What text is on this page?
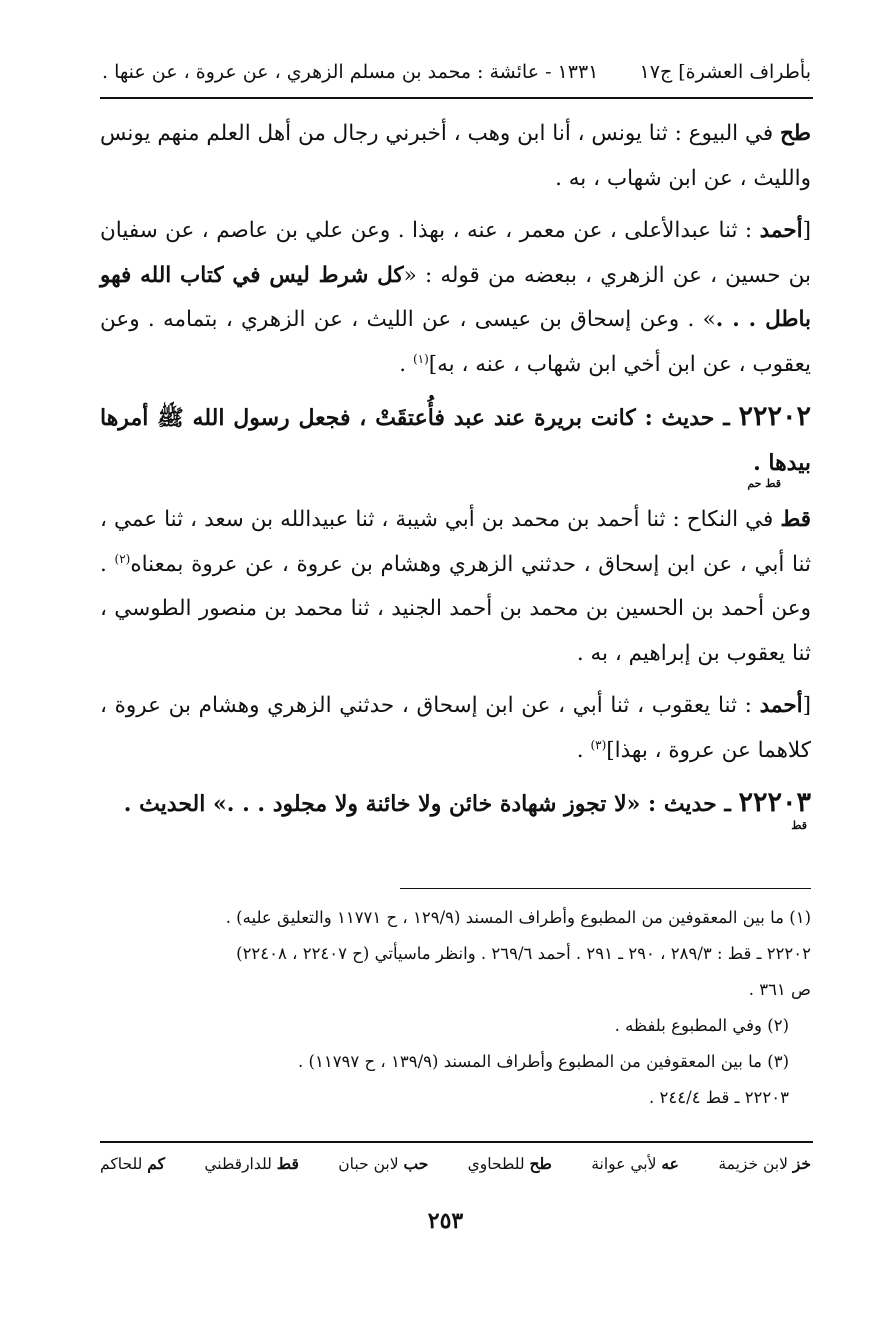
بأطراف العشرة] ج١٧
١٣٣١ - عائشة : محمد بن مسلم الزهري ، عن عروة ، عن عنها .

طح في البيوع : ثنا يونس ، أنا ابن وهب ، أخبرني رجال من أهل العلم منهم يونس والليث ، عن ابن شهاب ، به .

[أحمد : ثنا عبدالأعلى ، عن معمر ، عنه ، بهذا . وعن علي بن عاصم ، عن سفيان بن حسين ، عن الزهري ، ببعضه من قوله : «كل شرط ليس في كتاب الله فهو باطل . . .» . وعن إسحاق بن عيسى ، عن الليث ، عن الزهري ، بتمامه . وعن يعقوب ، عن ابن أخي ابن شهاب ، عنه ، به]$^{(١)}$ .

٢٢٢٠٢ ـ حديث : كانت بريرة عند عبد فأُعتقَتْ ، فجعل رسول الله ﷺ أمرها بيدها .
قط حم

قط في النكاح : ثنا أحمد بن محمد بن أبي شيبة ، ثنا عبيدالله بن سعد ، ثنا عمي ، ثنا أبي ، عن ابن إسحاق ، حدثني الزهري وهشام بن عروة ، عن عروة بمعناه$^{(٢)}$ . وعن أحمد بن الحسين بن محمد بن أحمد الجنيد ، ثنا محمد بن منصور الطوسي ، ثنا يعقوب بن إبراهيم ، به .

[أحمد : ثنا يعقوب ، ثنا أبي ، عن ابن إسحاق ، حدثني الزهري وهشام بن عروة ، كلاهما عن عروة ، بهذا]$^{(٣)}$ .

٢٢٢٠٣ ـ حديث : «لا تجوز شهادة خائن ولا خائنة ولا مجلود . . .» الحديث .
قط

(١) ما بين المعقوفين من المطبوع وأطراف المسند (١٢٩/٩ ، ح ١١٧٧١ والتعليق عليه) .

٢٢٢٠٢ ـ قط : ٢٨٩/٣ ، ٢٩٠ ـ ٢٩١ . أحمد ٢٦٩/٦ . وانظر ماسيأتي (ح ٢٢٤٠٧ ، ٢٢٤٠٨)

ص ٣٦١ .

(٢) وفي المطبوع بلفظه .

(٣) ما بين المعقوفين من المطبوع وأطراف المسند (١٣٩/٩ ، ح ١١٧٩٧) .

٢٢٢٠٣ ـ قط ٢٤٤/٤ .

خز لابن خزيمة
عه لأبي عوانة
طح للطحاوي
حب لابن حبان
قط للدارقطني
كم للحاكم
٢٥٣
